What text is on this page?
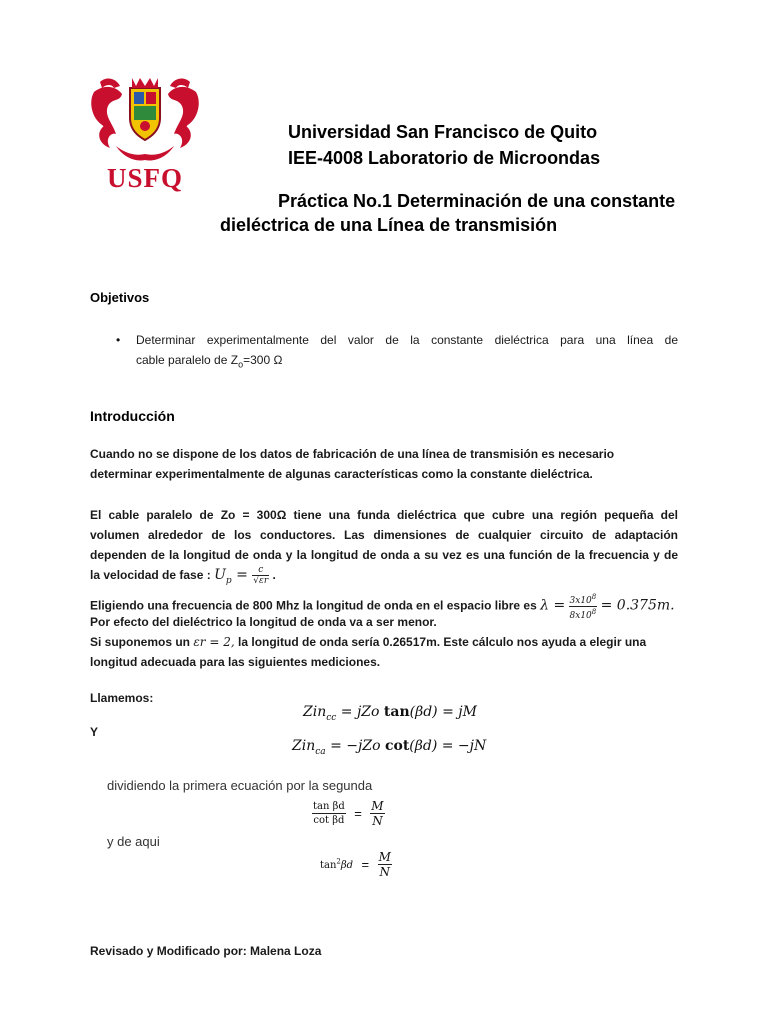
USFQ
Universidad San Francisco de Quito
IEE-4008 Laboratorio de Microondas
Práctica No.1 Determinación de una constante
dieléctrica de una Línea de transmisión
Objetivos
• Determinar experimentalmente del valor de la constante dieléctrica para una línea de
cable paralelo de $Z_o=300$ Ω
Introducción
Cuando no se dispone de los datos de fabricación de una línea de transmisión es necesario
determinar experimentalmente de algunas características como la constante dieléctrica.
El cable paralelo de Zo = 300Ω tiene una funda dieléctrica que cubre una región pequeña del
volumen alrededor de los conductores. Las dimensiones de cualquier circuito de adaptación
dependen de la longitud de onda y la longitud de onda a su vez es una función de la frecuencia y de
la velocidad de fase : $U_p = \frac{c}{√\varepsilon r}$ .
Eligiendo una frecuencia de 800 Mhz la longitud de onda en el espacio libre es $\lambda = \frac{3x10^8}{8x10^8} = 0.375m$.
Por efecto del dieléctrico la longitud de onda va a ser menor.
Si suponemos un εr = 2, la longitud de onda sería 0.26517m. Este cálculo nos ayuda a elegir una
longitud adecuada para las siguientes mediciones.
Llamemos:
Zin$_{cc}$ = jZo tan(βd) = jM
Y
Zin$_{ca}$ = −jZo cot(βd) = −jN
dividiendo la primera ecuación por la segunda
$\frac{\text{tan βd}}{\text{cot βd}} = \frac{M}{N}$
y de aqui
$\tan^2\beta d = \frac{M}{N}$
Revisado y Modificado por: Malena Loza
